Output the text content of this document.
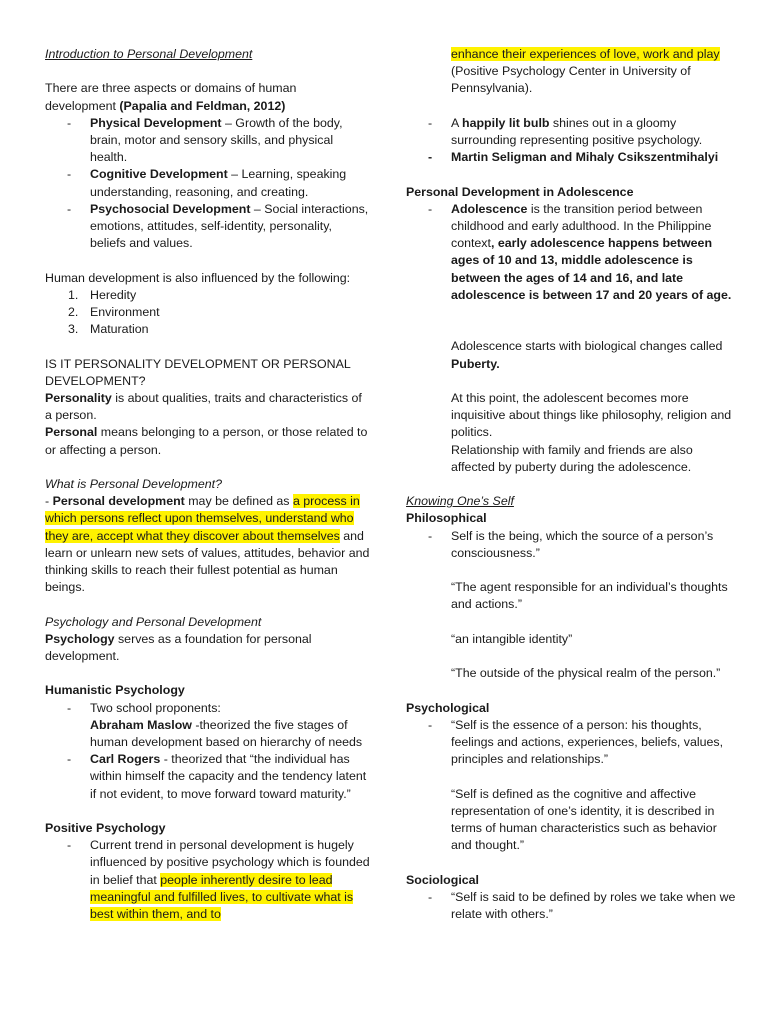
Introduction to Personal Development

There are three aspects or domains of human development (Papalia and Feldman, 2012)

- Physical Development – Growth of the body, brain, motor and sensory skills, and physical health.

- Cognitive Development – Learning, speaking understanding, reasoning, and creating.

- Psychosocial Development – Social interactions, emotions, attitudes, self-identity, personality, beliefs and values.

Human development is also influenced by the following:

1. Heredity

2. Environment

3. Maturation

IS IT PERSONALITY DEVELOPMENT OR PERSONAL DEVELOPMENT?

Personality is about qualities, traits and characteristics of a person.

Personal means belonging to a person, or those related to or affecting a person.

What is Personal Development?

- Personal development may be defined as a process in which persons reflect upon themselves, understand who they are, accept what they discover about themselves and learn or unlearn new sets of values, attitudes, behavior and thinking skills to reach their fullest potential as human beings.

Psychology and Personal Development

Psychology serves as a foundation for personal development.

Humanistic Psychology

- Two school proponents:

Abraham Maslow -theorized the five stages of human development based on hierarchy of needs

- Carl Rogers - theorized that “the individual has within himself the capacity and the tendency latent if not evident, to move forward toward maturity.”

Positive Psychology

- Current trend in personal development is hugely influenced by positive psychology which is founded in belief that people inherently desire to lead meaningful and fulfilled lives, to cultivate what is best within them, and to

enhance their experiences of love, work and play (Positive Psychology Center in University of Pennsylvania).

- A happily lit bulb shines out in a gloomy surrounding representing positive psychology.

- Martin Seligman and Mihaly Csikszentmihalyi

Personal Development in Adolescence

- Adolescence is the transition period between childhood and early adulthood. In the Philippine context, early adolescence happens between ages of 10 and 13, middle adolescence is between the ages of 14 and 16, and late adolescence is between 17 and 20 years of age.

Adolescence starts with biological changes called Puberty.

At this point, the adolescent becomes more inquisitive about things like philosophy, religion and politics.

Relationship with family and friends are also affected by puberty during the adolescence.

Knowing One’s Self

Philosophical

- Self is the being, which the source of a person’s consciousness.”

“The agent responsible for an individual’s thoughts and actions.”

“an intangible identity”

“The outside of the physical realm of the person.”

Psychological

- “Self is the essence of a person: his thoughts, feelings and actions, experiences, beliefs, values, principles and relationships.”

“Self is defined as the cognitive and affective representation of one’s identity, it is described in terms of human characteristics such as behavior and thought.”

Sociological

- “Self is said to be defined by roles we take when we relate with others.”
